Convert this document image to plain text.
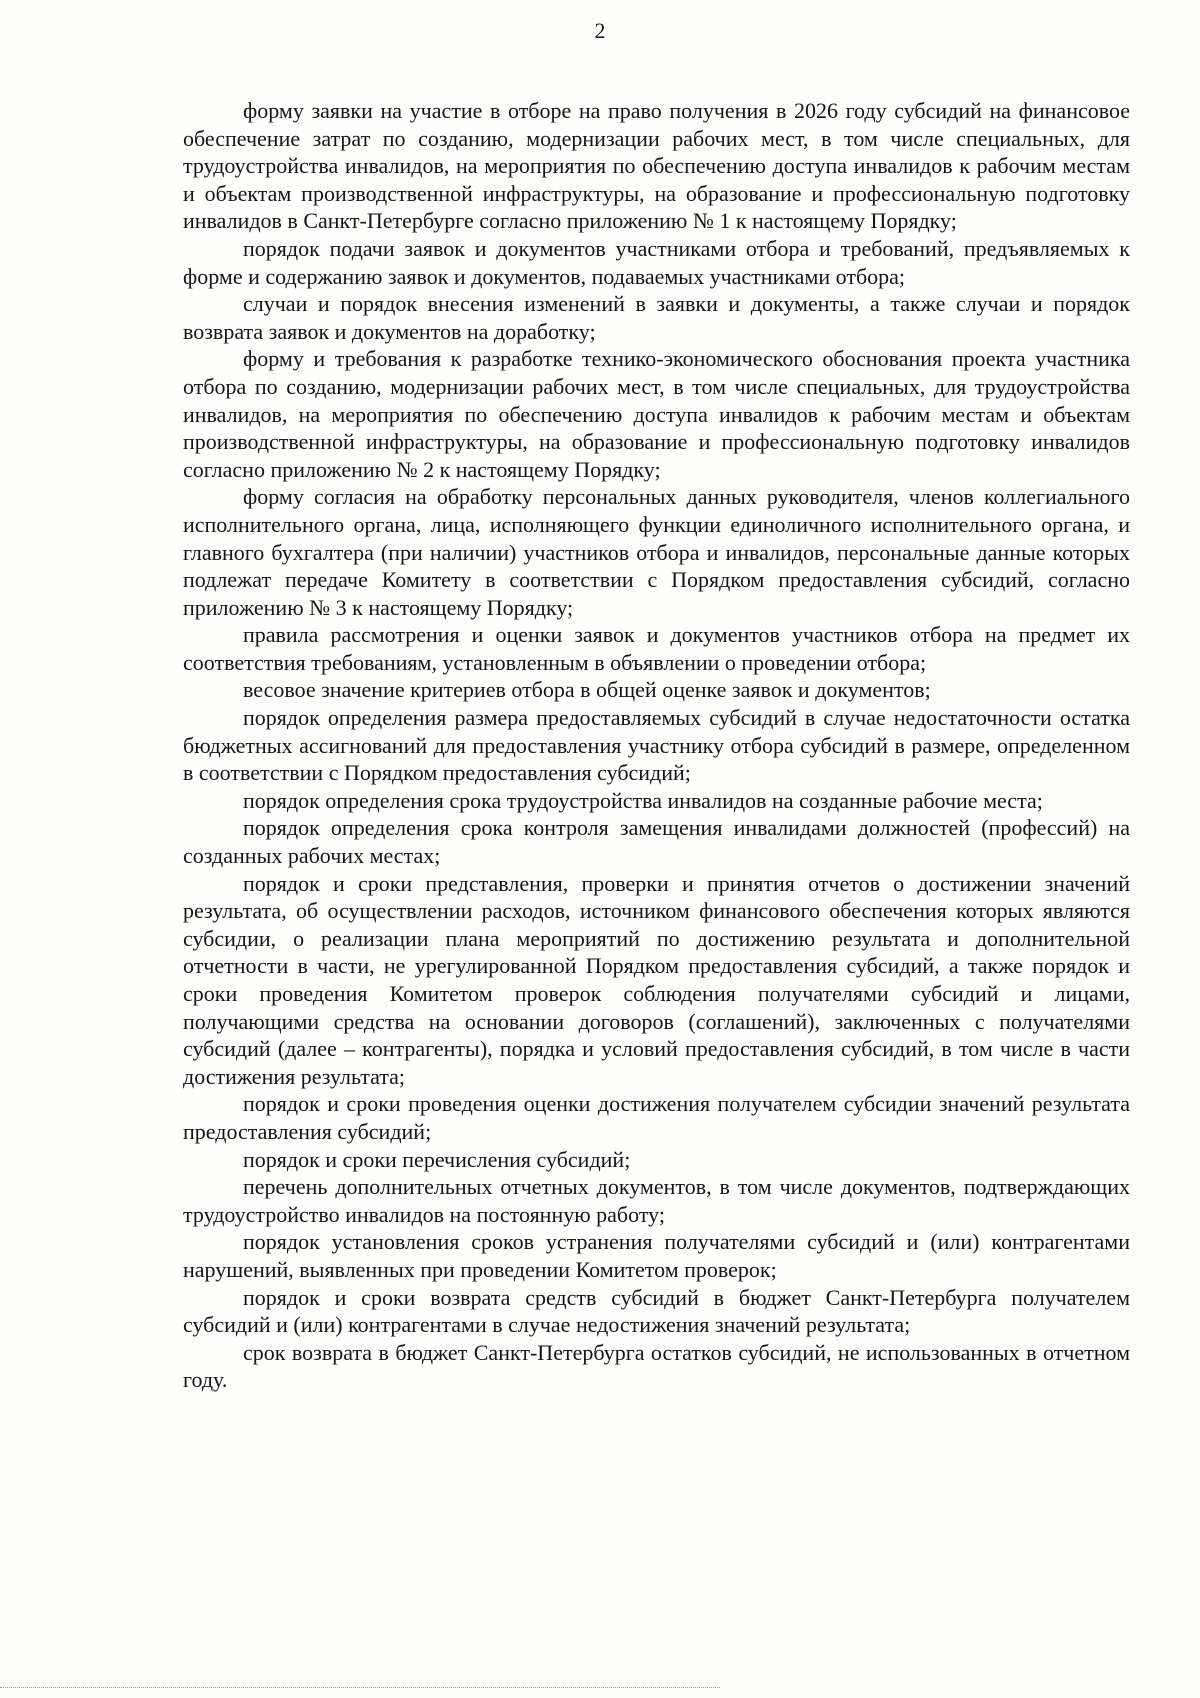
2

форму заявки на участие в отборе на право получения в 2026 году субсидий на финансовое обеспечение затрат по созданию, модернизации рабочих мест, в том числе специальных, для трудоустройства инвалидов, на мероприятия по обеспечению доступа инвалидов к рабочим местам и объектам производственной инфраструктуры, на образование и профессиональную подготовку инвалидов в Санкт-Петербурге согласно приложению № 1 к настоящему Порядку;

порядок подачи заявок и документов участниками отбора и требований, предъявляемых к форме и содержанию заявок и документов, подаваемых участниками отбора;

случаи и порядок внесения изменений в заявки и документы, а также случаи и порядок возврата заявок и документов на доработку;

форму и требования к разработке технико-экономического обоснования проекта участника отбора по созданию, модернизации рабочих мест, в том числе специальных, для трудоустройства инвалидов, на мероприятия по обеспечению доступа инвалидов к рабочим местам и объектам производственной инфраструктуры, на образование и профессиональную подготовку инвалидов согласно приложению № 2 к настоящему Порядку;

форму согласия на обработку персональных данных руководителя, членов коллегиального исполнительного органа, лица, исполняющего функции единоличного исполнительного органа, и главного бухгалтера (при наличии) участников отбора и инвалидов, персональные данные которых подлежат передаче Комитету в соответствии с Порядком предоставления субсидий, согласно приложению № 3 к настоящему Порядку;

правила рассмотрения и оценки заявок и документов участников отбора на предмет их соответствия требованиям, установленным в объявлении о проведении отбора;

весовое значение критериев отбора в общей оценке заявок и документов;

порядок определения размера предоставляемых субсидий в случае недостаточности остатка бюджетных ассигнований для предоставления участнику отбора субсидий в размере, определенном в соответствии с Порядком предоставления субсидий;

порядок определения срока трудоустройства инвалидов на созданные рабочие места;

порядок определения срока контроля замещения инвалидами должностей (профессий) на созданных рабочих местах;

порядок и сроки представления, проверки и принятия отчетов о достижении значений результата, об осуществлении расходов, источником финансового обеспечения которых являются субсидии, о реализации плана мероприятий по достижению результата и дополнительной отчетности в части, не урегулированной Порядком предоставления субсидий, а также порядок и сроки проведения Комитетом проверок соблюдения получателями субсидий и лицами, получающими средства на основании договоров (соглашений), заключенных с получателями субсидий (далее – контрагенты), порядка и условий предоставления субсидий, в том числе в части достижения результата;

порядок и сроки проведения оценки достижения получателем субсидии значений результата предоставления субсидий;

порядок и сроки перечисления субсидий;

перечень дополнительных отчетных документов, в том числе документов, подтверждающих трудоустройство инвалидов на постоянную работу;

порядок установления сроков устранения получателями субсидий и (или) контрагентами нарушений, выявленных при проведении Комитетом проверок;

порядок и сроки возврата средств субсидий в бюджет Санкт-Петербурга получателем субсидий и (или) контрагентами в случае недостижения значений результата;

срок возврата в бюджет Санкт-Петербурга остатков субсидий, не использованных в отчетном году.
